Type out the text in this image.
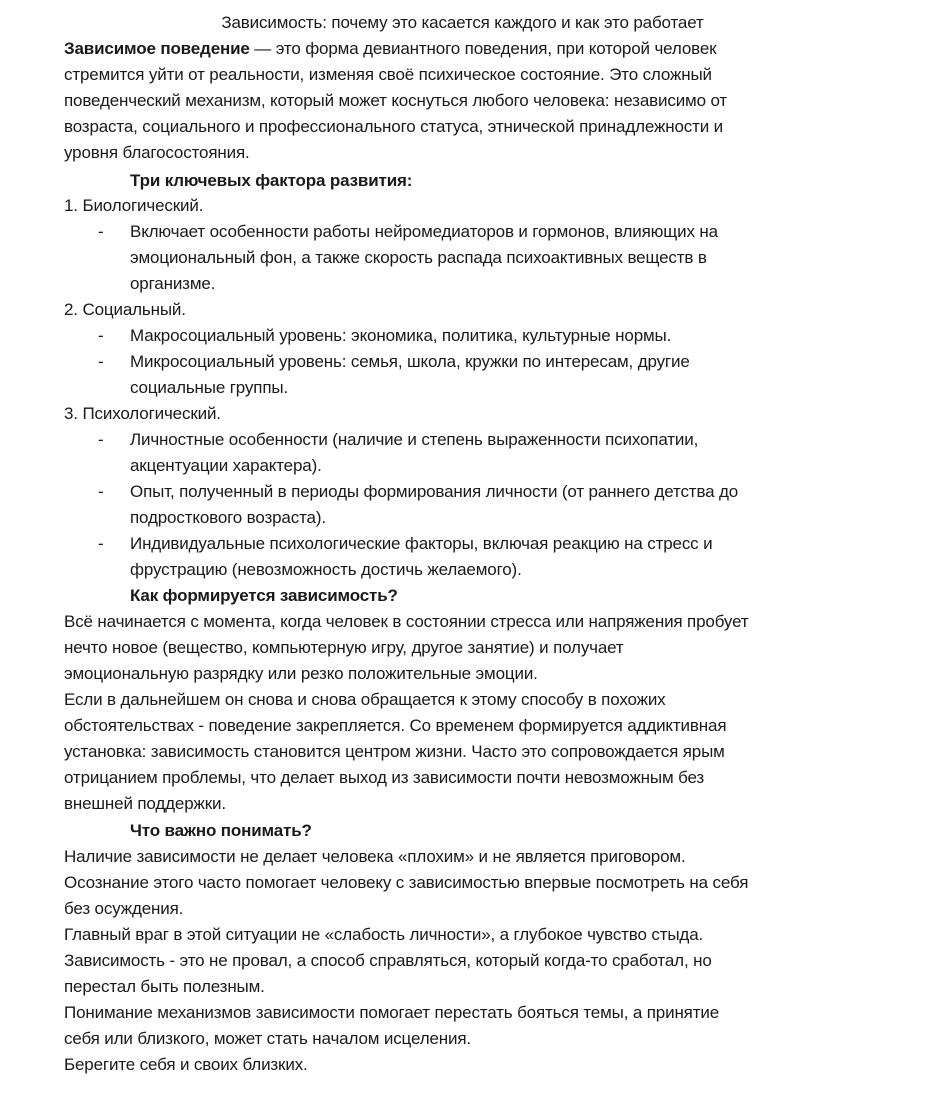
Зависимость: почему это касается каждого и как это работает
Зависимое поведение — это форма девиантного поведения, при которой человек
стремится уйти от реальности, изменяя своё психическое состояние. Это сложный
поведенческий механизм, который может коснуться любого человека: независимо от
возраста, социального и профессионального статуса, этнической принадлежности и
уровня благосостояния.
Три ключевых фактора развития:
1. Биологический.
- Включает особенности работы нейромедиаторов и гормонов, влияющих на
эмоциональный фон, а также скорость распада психоактивных веществ в
организме.
2. Социальный.
- Макросоциальный уровень: экономика, политика, культурные нормы.
- Микросоциальный уровень: семья, школа, кружки по интересам, другие
социальные группы.
3. Психологический.
- Личностные особенности (наличие и степень выраженности психопатии,
акцентуации характера).
- Опыт, полученный в периоды формирования личности (от раннего детства до
подросткового возраста).
- Индивидуальные психологические факторы, включая реакцию на стресс и
фрустрацию (невозможность достичь желаемого).
Как формируется зависимость?
Всё начинается с момента, когда человек в состоянии стресса или напряжения пробует
нечто новое (вещество, компьютерную игру, другое занятие) и получает
эмоциональную разрядку или резко положительные эмоции.
Если в дальнейшем он снова и снова обращается к этому способу в похожих
обстоятельствах - поведение закрепляется. Со временем формируется аддиктивная
установка: зависимость становится центром жизни. Часто это сопровождается ярым
отрицанием проблемы, что делает выход из зависимости почти невозможным без
внешней поддержки.
Что важно понимать?
Наличие зависимости не делает человека «плохим» и не является приговором.
Осознание этого часто помогает человеку с зависимостью впервые посмотреть на себя
без осуждения.
Главный враг в этой ситуации не «слабость личности», а глубокое чувство стыда.
Зависимость - это не провал, а способ справляться, который когда-то сработал, но
перестал быть полезным.
Понимание механизмов зависимости помогает перестать бояться темы, а принятие
себя или близкого, может стать началом исцеления.
Берегите себя и своих близких.
